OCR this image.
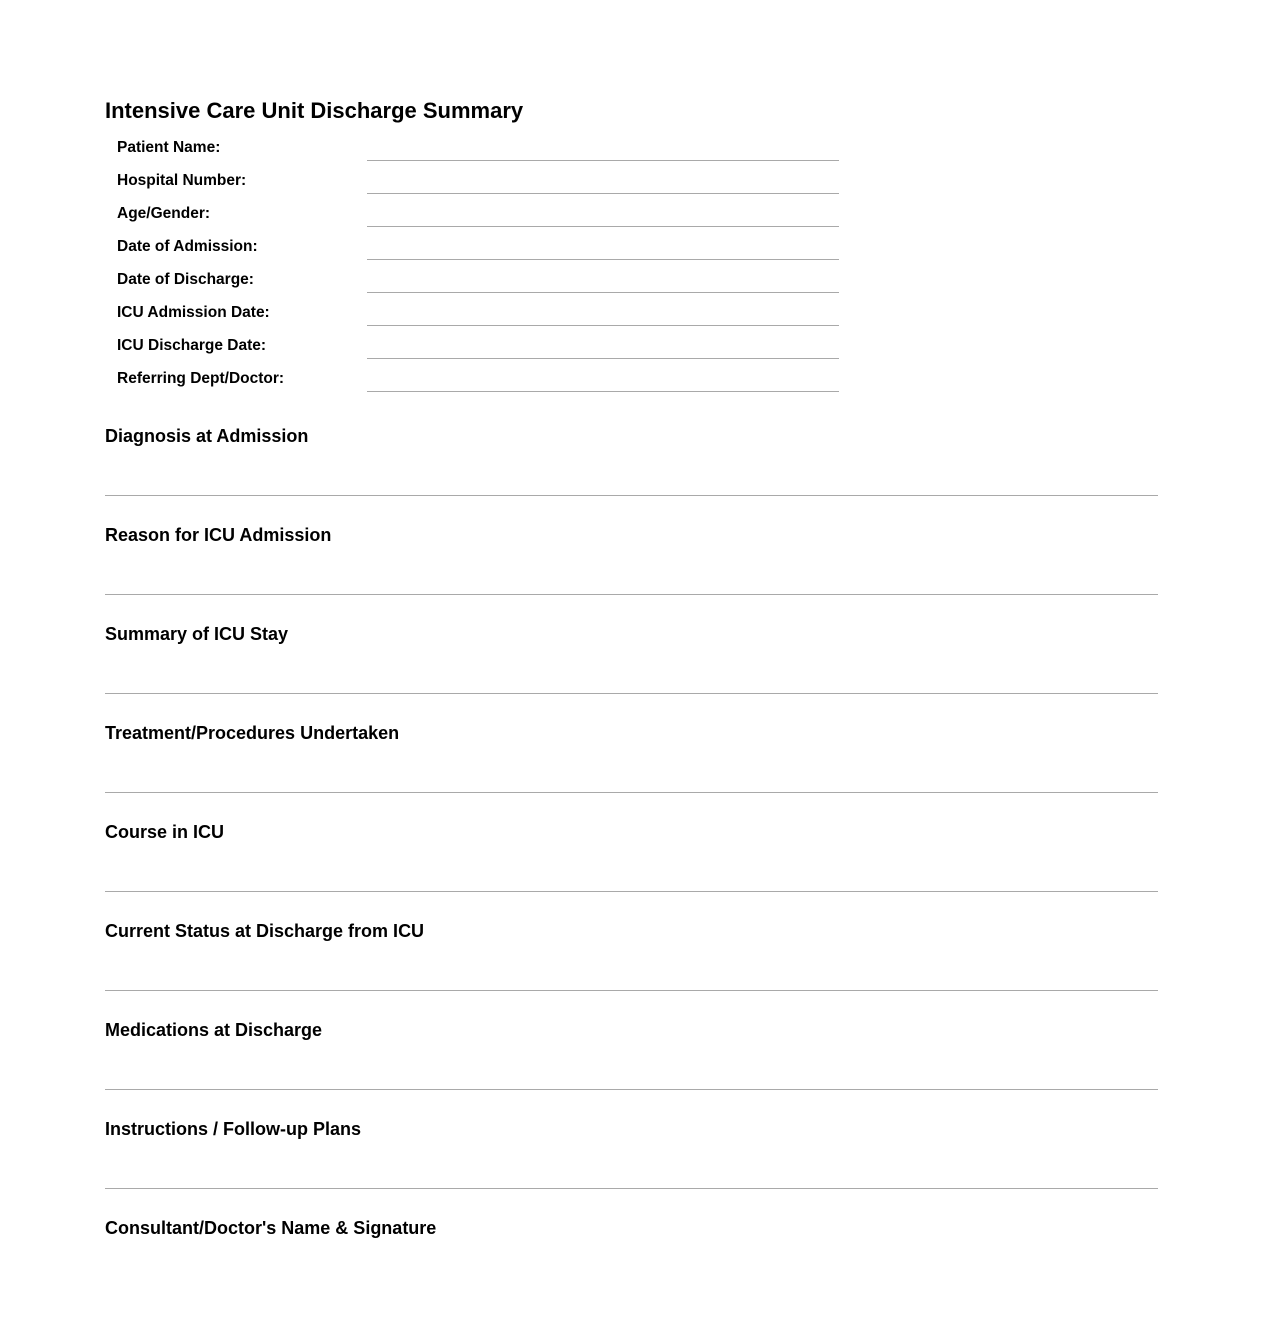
Intensive Care Unit Discharge Summary
Patient Name:
Hospital Number:
Age/Gender:
Date of Admission:
Date of Discharge:
ICU Admission Date:
ICU Discharge Date:
Referring Dept/Doctor:
Diagnosis at Admission
Reason for ICU Admission
Summary of ICU Stay
Treatment/Procedures Undertaken
Course in ICU
Current Status at Discharge from ICU
Medications at Discharge
Instructions / Follow-up Plans
Consultant/Doctor's Name & Signature
